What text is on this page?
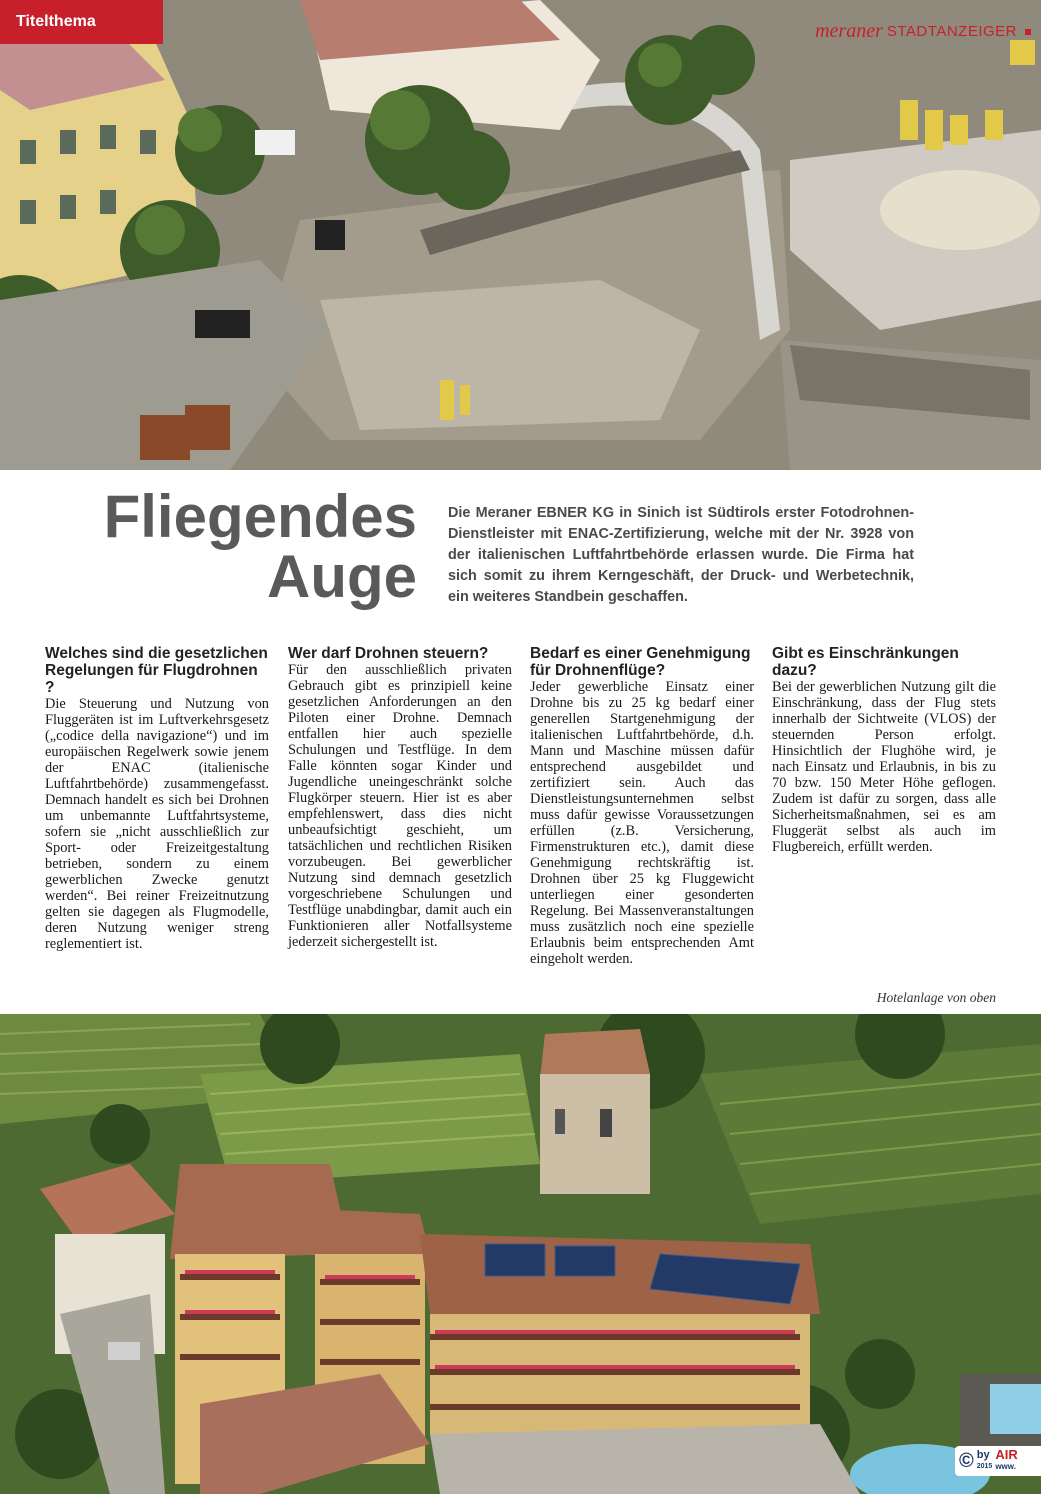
Titelthema	meraner STADTANZEIGER
Fliegendes
Auge
Die Meraner EBNER KG in Sinich ist Südtirols erster Fotodrohnen-Dienstleister mit ENAC-Zertifizierung, welche mit der Nr. 3928 von der italienischen Luftfahrtbehörde erlassen wurde. Die Firma hat sich somit zu ihrem Kerngeschäft, der Druck- und Werbetechnik, ein weiteres Standbein geschaffen.
Welches sind die gesetzlichen Regelungen für Flugdrohnen ?

Die Steuerung und Nutzung von Fluggeräten ist im Luftverkehrsgesetz („codice della navigazione“) und im europäischen Regelwerk sowie jenem der ENAC (italienische Luftfahrtbehörde) zusammengefasst. Demnach handelt es sich bei Drohnen um unbemannte Luftfahrtsysteme, sofern sie „nicht ausschließlich zur Sport- oder Freizeitgestaltung betrieben, sondern zu einem gewerblichen Zwecke genutzt werden“. Bei reiner Freizeitnutzung gelten sie dagegen als Flugmodelle, deren Nutzung weniger streng reglementiert ist.

Wer darf Drohnen steuern?

Für den ausschließlich privaten Gebrauch gibt es prinzipiell keine gesetzlichen Anforderungen an den Piloten einer Drohne. Demnach entfallen hier auch spezielle Schulungen und Testflüge. In dem Falle könnten sogar Kinder und Jugendliche uneingeschränkt solche Flugkörper steuern. Hier ist es aber empfehlenswert, dass dies nicht unbeaufsichtigt geschieht, um tatsächlichen und rechtlichen Risiken vorzubeugen. Bei gewerblicher Nutzung sind demnach gesetzlich vorgeschriebene Schulungen und Testflüge unabdingbar, damit auch ein Funktionieren aller Notfallsysteme jederzeit sichergestellt ist.

Bedarf es einer Genehmigung für Drohnenflüge?

Jeder gewerbliche Einsatz einer Drohne bis zu 25 kg bedarf einer generellen Startgenehmigung der italienischen Luftfahrtbehörde, d.h. Mann und Maschine müssen dafür entsprechend ausgebildet und zertifiziert sein. Auch das Dienstleistungsunternehmen selbst muss dafür gewisse Voraussetzungen erfüllen (z.B. Versicherung, Firmenstrukturen etc.), damit diese Genehmigung rechtskräftig ist. Drohnen über 25 kg Fluggewicht unterliegen einer gesonderten Regelung. Bei Massenveranstaltungen muss zusätzlich noch eine spezielle Erlaubnis beim entsprechenden Amt eingeholt werden.

Gibt es Einschränkungen dazu?

Bei der gewerblichen Nutzung gilt die Einschränkung, dass der Flug stets innerhalb der Sichtweite (VLOS) der steuernden Person erfolgt. Hinsichtlich der Flughöhe wird, je nach Einsatz und Erlaubnis, in bis zu 70 bzw. 150 Meter Höhe geflogen. Zudem ist dafür zu sorgen, dass alle Sicherheitsmaßnahmen, sei es am Fluggerät selbst als auch im Flugbereich, erfüllt werden.

Hotelanlage von oben
© by
2015
AIR
www.
